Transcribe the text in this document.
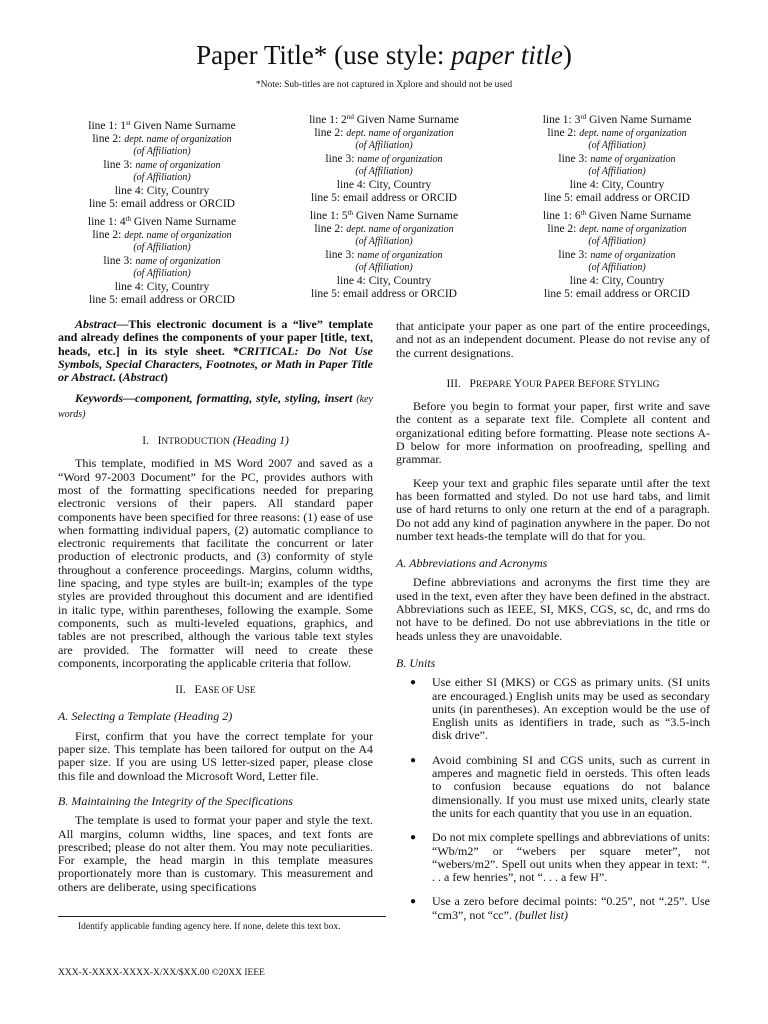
Paper Title* (use style: paper title)
*Note: Sub-titles are not captured in Xplore and should not be used
line 1: 1st Given Name Surname
line 2: dept. name of organization
(of Affiliation)
line 3: name of organization
(of Affiliation)
line 4: City, Country
line 5: email address or ORCID
line 1: 2nd Given Name Surname
line 2: dept. name of organization
(of Affiliation)
line 3: name of organization
(of Affiliation)
line 4: City, Country
line 5: email address or ORCID
line 1: 3rd Given Name Surname
line 2: dept. name of organization
(of Affiliation)
line 3: name of organization
(of Affiliation)
line 4: City, Country
line 5: email address or ORCID
line 1: 4th Given Name Surname
line 2: dept. name of organization
(of Affiliation)
line 3: name of organization
(of Affiliation)
line 4: City, Country
line 5: email address or ORCID
line 1: 5th Given Name Surname
line 2: dept. name of organization
(of Affiliation)
line 3: name of organization
(of Affiliation)
line 4: City, Country
line 5: email address or ORCID
line 1: 6th Given Name Surname
line 2: dept. name of organization
(of Affiliation)
line 3: name of organization
(of Affiliation)
line 4: City, Country
line 5: email address or ORCID

Abstract—This electronic document is a “live” template and already defines the components of your paper [title, text, heads, etc.] in its style sheet. *CRITICAL: Do Not Use Symbols, Special Characters, Footnotes, or Math in Paper Title or Abstract. (Abstract)

Keywords—component, formatting, style, styling, insert (key words)

I. INTRODUCTION (Heading 1)

This template, modified in MS Word 2007 and saved as a “Word 97-2003 Document” for the PC, provides authors with most of the formatting specifications needed for preparing electronic versions of their papers. All standard paper components have been specified for three reasons: (1) ease of use when formatting individual papers, (2) automatic compliance to electronic requirements that facilitate the concurrent or later production of electronic products, and (3) conformity of style throughout a conference proceedings. Margins, column widths, line spacing, and type styles are built-in; examples of the type styles are provided throughout this document and are identified in italic type, within parentheses, following the example. Some components, such as multi-leveled equations, graphics, and tables are not prescribed, although the various table text styles are provided. The formatter will need to create these components, incorporating the applicable criteria that follow.

II. EASE OF USE

A. Selecting a Template (Heading 2)

First, confirm that you have the correct template for your paper size. This template has been tailored for output on the A4 paper size. If you are using US letter-sized paper, please close this file and download the Microsoft Word, Letter file.

B. Maintaining the Integrity of the Specifications

The template is used to format your paper and style the text. All margins, column widths, line spaces, and text fonts are prescribed; please do not alter them. You may note peculiarities. For example, the head margin in this template measures proportionately more than is customary. This measurement and others are deliberate, using specifications

that anticipate your paper as one part of the entire proceedings, and not as an independent document. Please do not revise any of the current designations.

III. PREPARE YOUR PAPER BEFORE STYLING

Before you begin to format your paper, first write and save the content as a separate text file. Complete all content and organizational editing before formatting. Please note sections A-D below for more information on proofreading, spelling and grammar.

Keep your text and graphic files separate until after the text has been formatted and styled. Do not use hard tabs, and limit use of hard returns to only one return at the end of a paragraph. Do not add any kind of pagination anywhere in the paper. Do not number text heads-the template will do that for you.

A. Abbreviations and Acronyms

Define abbreviations and acronyms the first time they are used in the text, even after they have been defined in the abstract. Abbreviations such as IEEE, SI, MKS, CGS, sc, dc, and rms do not have to be defined. Do not use abbreviations in the title or heads unless they are unavoidable.

B. Units

● Use either SI (MKS) or CGS as primary units. (SI units are encouraged.) English units may be used as secondary units (in parentheses). An exception would be the use of English units as identifiers in trade, such as “3.5-inch disk drive”.
● Avoid combining SI and CGS units, such as current in amperes and magnetic field in oersteds. This often leads to confusion because equations do not balance dimensionally. If you must use mixed units, clearly state the units for each quantity that you use in an equation.
● Do not mix complete spellings and abbreviations of units: “Wb/m2” or “webers per square meter”, not “webers/m2”. Spell out units when they appear in text: “. . . a few henries”, not “. . . a few H”.
● Use a zero before decimal points: “0.25”, not “.25”. Use “cm3”, not “cc”. (bullet list)
Identify applicable funding agency here. If none, delete this text box.
XXX-X-XXXX-XXXX-X/XX/$XX.00 ©20XX IEEE
